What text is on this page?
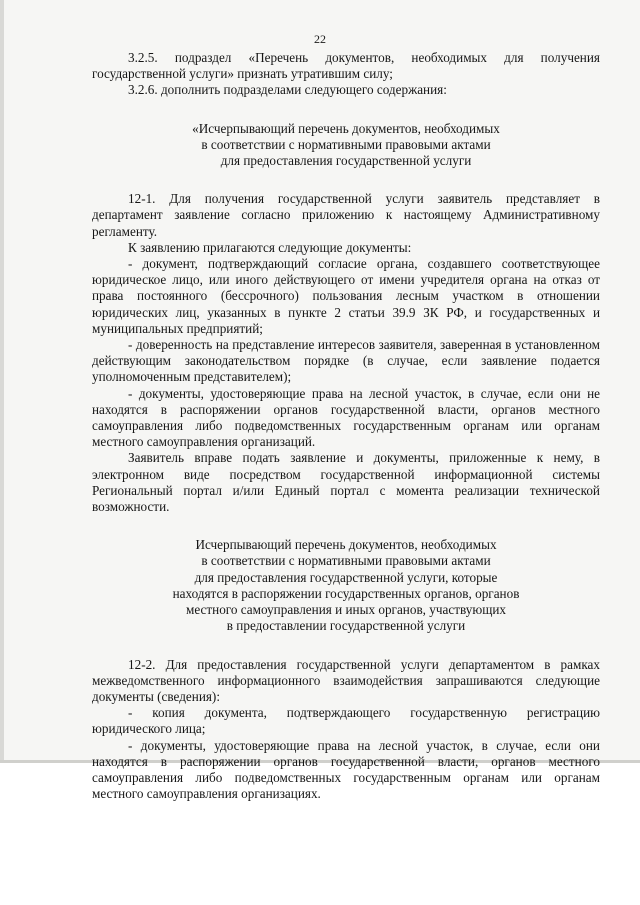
22

3.2.5. подраздел «Перечень документов, необходимых для получения государственной услуги» признать утратившим силу;

3.2.6. дополнить подразделами следующего содержания:

«Исчерпывающий перечень документов, необходимых

в соответствии с нормативными правовыми актами

для предоставления государственной услуги

12-1. Для получения государственной услуги заявитель представляет в департамент заявление согласно приложению к настоящему Административному регламенту.

К заявлению прилагаются следующие документы:

- документ, подтверждающий согласие органа, создавшего соответствующее юридическое лицо, или иного действующего от имени учредителя органа на отказ от права постоянного (бессрочного) пользования лесным участком в отношении юридических лиц, указанных в пункте 2 статьи 39.9 ЗК РФ, и государственных и муниципальных предприятий;

- доверенность на представление интересов заявителя, заверенная в установленном действующим законодательством порядке (в случае, если заявление подается уполномоченным представителем);

- документы, удостоверяющие права на лесной участок, в случае, если они не находятся в распоряжении органов государственной власти, органов местного самоуправления либо подведомственных государственным органам или органам местного самоуправления организаций.

Заявитель вправе подать заявление и документы, приложенные к нему, в электронном виде посредством государственной информационной системы Региональный портал и/или Единый портал с момента реализации технической возможности.

Исчерпывающий перечень документов, необходимых

в соответствии с нормативными правовыми актами

для предоставления государственной услуги, которые

находятся в распоряжении государственных органов, органов

местного самоуправления и иных органов, участвующих

в предоставлении государственной услуги

12-2. Для предоставления государственной услуги департаментом в рамках межведомственного информационного взаимодействия запрашиваются следующие документы (сведения):

- копия документа, подтверждающего государственную регистрацию юридического лица;

- документы, удостоверяющие права на лесной участок, в случае, если они находятся в распоряжении органов государственной власти, органов местного самоуправления либо подведомственных государственным органам или органам местного самоуправления организациях.
